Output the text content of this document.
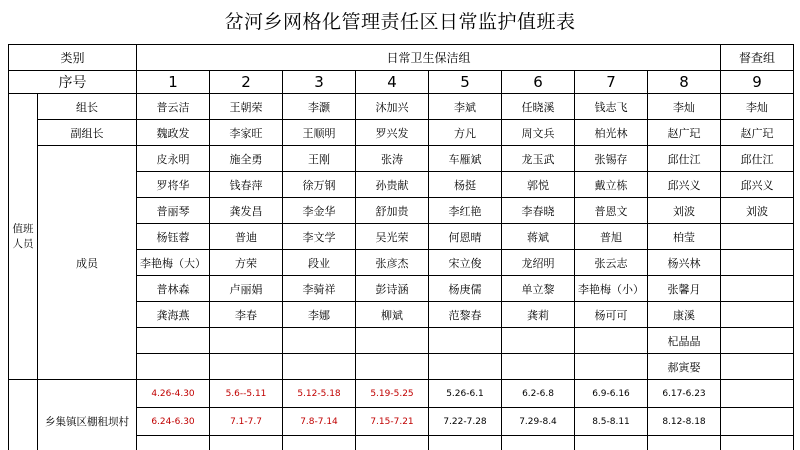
岔河乡网格化管理责任区日常监护值班表
类别		日常卫生保洁组								督查组
序号		1	2	3	4	5	6	7	8	9
值班人员	组长	普云洁	王朝荣	李灏	沐加兴	李斌	任晓溪	钱志飞	李灿	李灿
	副组长	魏政发	李家旺	王顺明	罗兴发	方凡	周文兵	柏光林	赵广玘	赵广玘
	成员	皮永明	施全勇	王刚	张涛	车雁斌	龙玉武	张锡存	邱仕江	邱仕江
		罗将华	钱春萍	徐万钢	孙贵献	杨挺	郭悦	戴立栋	邱兴义	邱兴义
		普丽琴	龚发昌	李金华	舒加贵	李红艳	李春晓	普恩文	刘波	刘波
		杨钰蓉	普迪	李文学	吴光荣	何恩晴	蒋斌	普旭	柏莹	
		李艳梅（大）	方荣	段业	张彦杰	宋立俊	龙绍明	张云志	杨兴林	
		普林森	卢丽娟	李骑祥	彭诗涵	杨庚儒	单立黎	李艳梅（小）	张馨月	
		龚海燕	李春	李娜	柳斌	范黎春	龚莉	杨可可	康溪	
									杞晶晶	
									郝寅娶	
	乡集镇区棚租坝村	4.26-4.30	5.6--5.11	5.12-5.18	5.19-5.25	5.26-6.1	6.2-6.8	6.9-6.16	6.17-6.23	
		6.24-6.30	7.1-7.7	7.8-7.14	7.15-7.21	7.22-7.28	7.29-8.4	8.5-8.11	8.12-8.18	
